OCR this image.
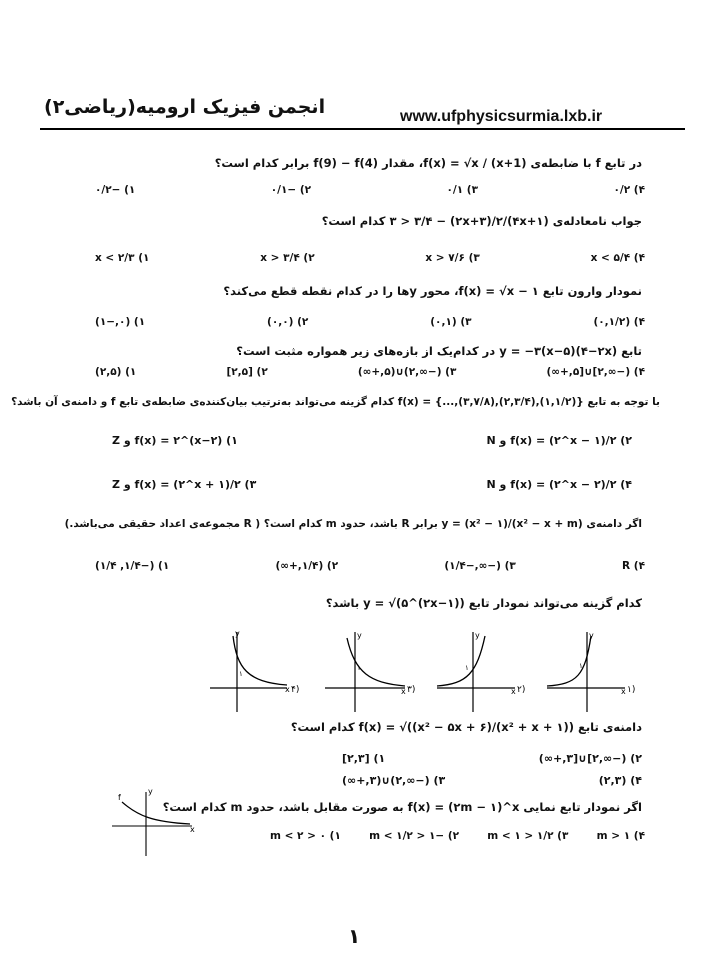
انجمن فیزیک ارومیه(ریاضی۲)	www.ufphysicsurmia.lxb.ir
در تابع f با ضابطه‌ی f(x) = √x / (x+1)، مقدار f(9) − f(4) برابر کدام است؟
۱) −۰/۲	۲) −۰/۱	۳) ۰/۱	۴) ۰/۲
جواب نامعادله‌ی (۴x+۱)/۳ > ۳/۴ − (۲x+۳)/۲ کدام است؟
۱) x < ۲/۳	۲) x > ۳/۴	۳) x > ۷/۶	۴) x < ۵/۴
نمودار وارون تابع f(x) = √x − ۱، محور yها را در کدام نقطه قطع می‌کند؟
۱) (۰,−۱)	۲) (۰,۰)	۳) (۰,۱)	۴) (۰,۱/۲)
تابع y = −۳(x−۵)(۴−۲x) در کدام‌یک از بازه‌های زیر همواره مثبت است؟
۱) (۲,۵)	۲) [۲,۵]	۳) (−∞,۲)∪(۵,+∞)	۴) (−∞,۲]∪[۵,+∞)
با توجه به تابع {(۱,۱/۲),(۲,۳/۴),(۳,۷/۸),...} = f(x) کدام گزینه می‌تواند به‌ترتیب بیان‌کننده‌ی ضابطه‌ی تابع f و دامنه‌ی آن باشد؟
۱) f(x) = ۲^(x−۲) و Z	۲) f(x) = (۲^x − ۱)/۲ و N
۳) f(x) = (۲^x + ۱)/۲ و Z	۴) f(x) = (۲^x − ۲)/۲ و N
اگر دامنه‌ی y = (x² − ۱)/(x² − x + m) برابر R باشد، حدود m کدام است؟ ( R مجموعه‌ی اعداد حقیقی می‌باشد.)
۱) (−۱/۴, ۱/۴)	۲) (۱/۴,+∞)	۳) (−∞,−۱/۴)	۴) R
کدام گزینه می‌تواند نمودار تابع y = √(۵^(۲x−۱)) باشد؟
y
x ۴)
۱
y
x ۳)
۱
y
x ۲)
۱
y
x ۱)
۱
دامنه‌ی تابع f(x) = √((x² − ۵x + ۶)/(x² + x + ۱)) کدام است؟
۱) [۲,۳]	۲) (−∞,۲]∪[۳,+∞)
۳) (−∞,۲)∪(۳,+∞)	۴) (۲,۳)
f
y
x
اگر نمودار تابع نمایی f(x) = (۲m − ۱)^x به صورت مقابل باشد، حدود m کدام است؟
۱) ۰ < m < ۲	۲) −۱ < m < ۱/۲	۳) ۱/۲ < m < ۱	۴) m > ۱
۱
